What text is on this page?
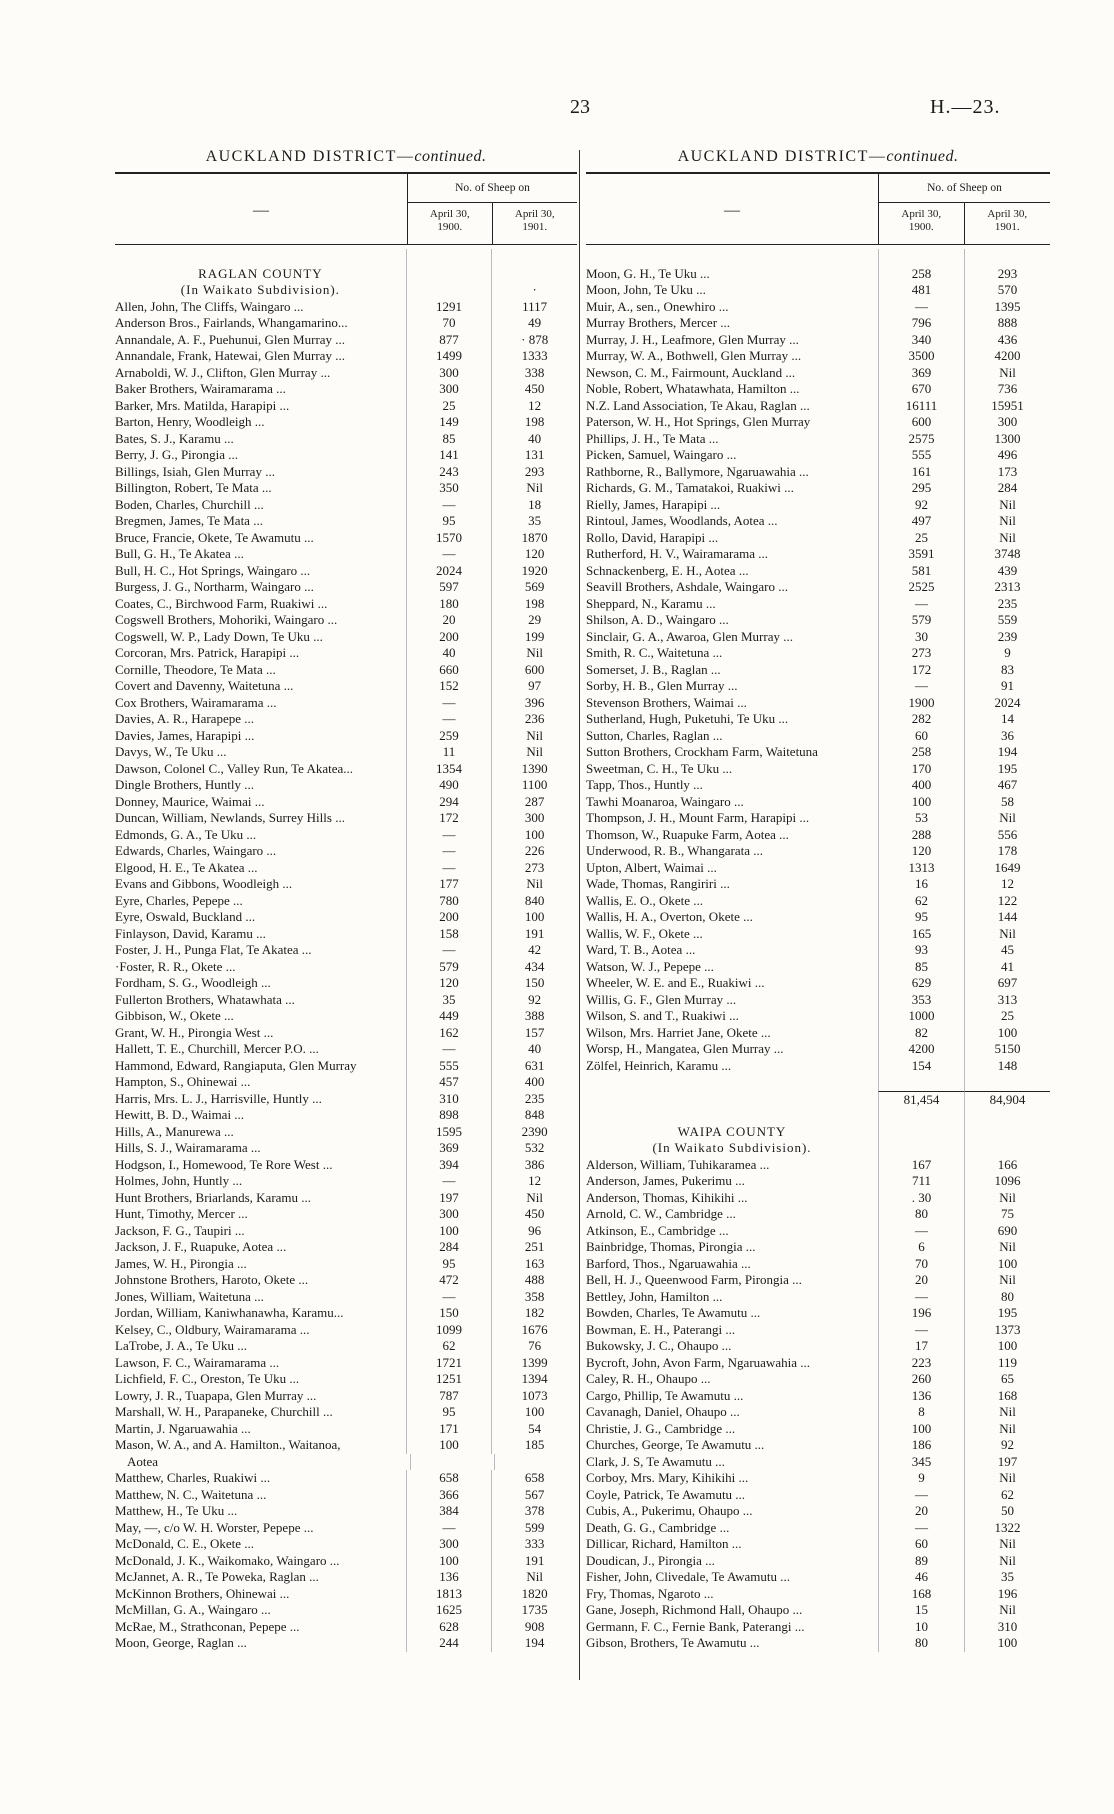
23	H.—23.
AUCKLAND DISTRICT—continued.
—
No. of Sheep on
April 30,
1900.
April 30,
1901.
RAGLAN COUNTY
(In Waikato Subdivision).	·
Allen, John, The Cliffs, Waingaro ...	1291	1117
Anderson Bros., Fairlands, Whangamarino...	70	49
Annandale, A. F., Puehunui, Glen Murray ...	877	· 878
Annandale, Frank, Hatewai, Glen Murray ...	1499	1333
Arnaboldi, W. J., Clifton, Glen Murray ...	300	338
Baker Brothers, Wairamarama ...	300	450
Barker, Mrs. Matilda, Harapipi ...	25	12
Barton, Henry, Woodleigh ...	149	198
Bates, S. J., Karamu ...	85	40
Berry, J. G., Pirongia ...	141	131
Billings, Isiah, Glen Murray ...	243	293
Billington, Robert, Te Mata ...	350	Nil
Boden, Charles, Churchill ...	—	18
Bregmen, James, Te Mata ...	95	35
Bruce, Francie, Okete, Te Awamutu ...	1570	1870
Bull, G. H., Te Akatea ...	—	120
Bull, H. C., Hot Springs, Waingaro ...	2024	1920
Burgess, J. G., Northarm, Waingaro ...	597	569
Coates, C., Birchwood Farm, Ruakiwi ...	180	198
Cogswell Brothers, Mohoriki, Waingaro ...	20	29
Cogswell, W. P., Lady Down, Te Uku ...	200	199
Corcoran, Mrs. Patrick, Harapipi ...	40	Nil
Cornille, Theodore, Te Mata ...	660	600
Covert and Davenny, Waitetuna ...	152	97
Cox Brothers, Wairamarama ...	—	396
Davies, A. R., Harapepe ...	—	236
Davies, James, Harapipi ...	259	Nil
Davys, W., Te Uku ...	11	Nil
Dawson, Colonel C., Valley Run, Te Akatea...	1354	1390
Dingle Brothers, Huntly ...	490	1100
Donney, Maurice, Waimai ...	294	287
Duncan, William, Newlands, Surrey Hills ...	172	300
Edmonds, G. A., Te Uku ...	—	100
Edwards, Charles, Waingaro ...	—	226
Elgood, H. E., Te Akatea ...	—	273
Evans and Gibbons, Woodleigh ...	177	Nil
Eyre, Charles, Pepepe ...	780	840
Eyre, Oswald, Buckland ...	200	100
Finlayson, David, Karamu ...	158	191
Foster, J. H., Punga Flat, Te Akatea ...	—	42
·Foster, R. R., Okete ...	579	434
Fordham, S. G., Woodleigh ...	120	150
Fullerton Brothers, Whatawhata ...	35	92
Gibbison, W., Okete ...	449	388
Grant, W. H., Pirongia West ...	162	157
Hallett, T. E., Churchill, Mercer P.O. ...	—	40
Hammond, Edward, Rangiaputa, Glen Murray	555	631
Hampton, S., Ohinewai ...	457	400
Harris, Mrs. L. J., Harrisville, Huntly ...	310	235
Hewitt, B. D., Waimai ...	898	848
Hills, A., Manurewa ...	1595	2390
Hills, S. J., Wairamarama ...	369	532
Hodgson, I., Homewood, Te Rore West ...	394	386
Holmes, John, Huntly ...	—	12
Hunt Brothers, Briarlands, Karamu ...	197	Nil
Hunt, Timothy, Mercer ...	300	450
Jackson, F. G., Taupiri ...	100	96
Jackson, J. F., Ruapuke, Aotea ...	284	251
James, W. H., Pirongia ...	95	163
Johnstone Brothers, Haroto, Okete ...	472	488
Jones, William, Waitetuna ...	—	358
Jordan, William, Kaniwhanawha, Karamu...	150	182
Kelsey, C., Oldbury, Wairamarama ...	1099	1676
LaTrobe, J. A., Te Uku ...	62	76
Lawson, F. C., Wairamarama ...	1721	1399
Lichfield, F. C., Oreston, Te Uku ...	1251	1394
Lowry, J. R., Tuapapa, Glen Murray ...	787	1073
Marshall, W. H., Parapaneke, Churchill ...	95	100
Martin, J. Ngaruawahia ...	171	54
Mason, W. A., and A. Hamilton., Waitanoa,	100	185
Aotea
Matthew, Charles, Ruakiwi ...	658	658
Matthew, N. C., Waitetuna ...	366	567
Matthew, H., Te Uku ...	384	378
May, —, c/o W. H. Worster, Pepepe ...	—	599
McDonald, C. E., Okete ...	300	333
McDonald, J. K., Waikomako, Waingaro ...	100	191
McJannet, A. R., Te Poweka, Raglan ...	136	Nil
McKinnon Brothers, Ohinewai ...	1813	1820
McMillan, G. A., Waingaro ...	1625	1735
McRae, M., Strathconan, Pepepe ...	628	908
Moon, George, Raglan ...	244	194
AUCKLAND DISTRICT—continued.
—
No. of Sheep on
April 30,
1900.
April 30,
1901.
Moon, G. H., Te Uku ...	258	293
Moon, John, Te Uku ...	481	570
Muir, A., sen., Onewhiro ...	—	1395
Murray Brothers, Mercer ...	796	888
Murray, J. H., Leafmore, Glen Murray ...	340	436
Murray, W. A., Bothwell, Glen Murray ...	3500	4200
Newson, C. M., Fairmount, Auckland ...	369	Nil
Noble, Robert, Whatawhata, Hamilton ...	670	736
N.Z. Land Association, Te Akau, Raglan ...	16111	15951
Paterson, W. H., Hot Springs, Glen Murray	600	300
Phillips, J. H., Te Mata ...	2575	1300
Picken, Samuel, Waingaro ...	555	496
Rathborne, R., Ballymore, Ngaruawahia ...	161	173
Richards, G. M., Tamatakoi, Ruakiwi ...	295	284
Rielly, James, Harapipi ...	92	Nil
Rintoul, James, Woodlands, Aotea ...	497	Nil
Rollo, David, Harapipi ...	25	Nil
Rutherford, H. V., Wairamarama ...	3591	3748
Schnackenberg, E. H., Aotea ...	581	439
Seavill Brothers, Ashdale, Waingaro ...	2525	2313
Sheppard, N., Karamu ...	—	235
Shilson, A. D., Waingaro ...	579	559
Sinclair, G. A., Awaroa, Glen Murray ...	30	239
Smith, R. C., Waitetuna ...	273	9
Somerset, J. B., Raglan ...	172	83
Sorby, H. B., Glen Murray ...	—	91
Stevenson Brothers, Waimai ...	1900	2024
Sutherland, Hugh, Puketuhi, Te Uku ...	282	14
Sutton, Charles, Raglan ...	60	36
Sutton Brothers, Crockham Farm, Waitetuna	258	194
Sweetman, C. H., Te Uku ...	170	195
Tapp, Thos., Huntly ...	400	467
Tawhi Moanaroa, Waingaro ...	100	58
Thompson, J. H., Mount Farm, Harapipi ...	53	Nil
Thomson, W., Ruapuke Farm, Aotea ...	288	556
Underwood, R. B., Whangarata ...	120	178
Upton, Albert, Waimai ...	1313	1649
Wade, Thomas, Rangiriri ...	16	12
Wallis, E. O., Okete ...	62	122
Wallis, H. A., Overton, Okete ...	95	144
Wallis, W. F., Okete ...	165	Nil
Ward, T. B., Aotea ...	93	45
Watson, W. J., Pepepe ...	85	41
Wheeler, W. E. and E., Ruakiwi ...	629	697
Willis, G. F., Glen Murray ...	353	313
Wilson, S. and T., Ruakiwi ...	1000	25
Wilson, Mrs. Harriet Jane, Okete ...	82	100
Worsp, H., Mangatea, Glen Murray ...	4200	5150
Zölfel, Heinrich, Karamu ...	154	148
81,454	84,904
WAIPA COUNTY
(In Waikato Subdivision).
Alderson, William, Tuhikaramea ...	167	166
Anderson, James, Pukerimu ...	711	1096
Anderson, Thomas, Kihikihi ...	. 30	Nil
Arnold, C. W., Cambridge ...	80	75
Atkinson, E., Cambridge ...	—	690
Bainbridge, Thomas, Pirongia ...	6	Nil
Barford, Thos., Ngaruawahia ...	70	100
Bell, H. J., Queenwood Farm, Pirongia ...	20	Nil
Bettley, John, Hamilton ...	—	80
Bowden, Charles, Te Awamutu ...	196	195
Bowman, E. H., Paterangi ...	—	1373
Bukowsky, J. C., Ohaupo ...	17	100
Bycroft, John, Avon Farm, Ngaruawahia ...	223	119
Caley, R. H., Ohaupo ...	260	65
Cargo, Phillip, Te Awamutu ...	136	168
Cavanagh, Daniel, Ohaupo ...	8	Nil
Christie, J. G., Cambridge ...	100	Nil
Churches, George, Te Awamutu ...	186	92
Clark, J. S, Te Awamutu ...	345	197
Corboy, Mrs. Mary, Kihikihi ...	9	Nil
Coyle, Patrick, Te Awamutu ...	—	62
Cubis, A., Pukerimu, Ohaupo ...	20	50
Death, G. G., Cambridge ...	—	1322
Dillicar, Richard, Hamilton ...	60	Nil
Doudican, J., Pirongia ...	89	Nil
Fisher, John, Clivedale, Te Awamutu ...	46	35
Fry, Thomas, Ngaroto ...	168	196
Gane, Joseph, Richmond Hall, Ohaupo ...	15	Nil
Germann, F. C., Fernie Bank, Paterangi ...	10	310
Gibson, Brothers, Te Awamutu ...	80	100
